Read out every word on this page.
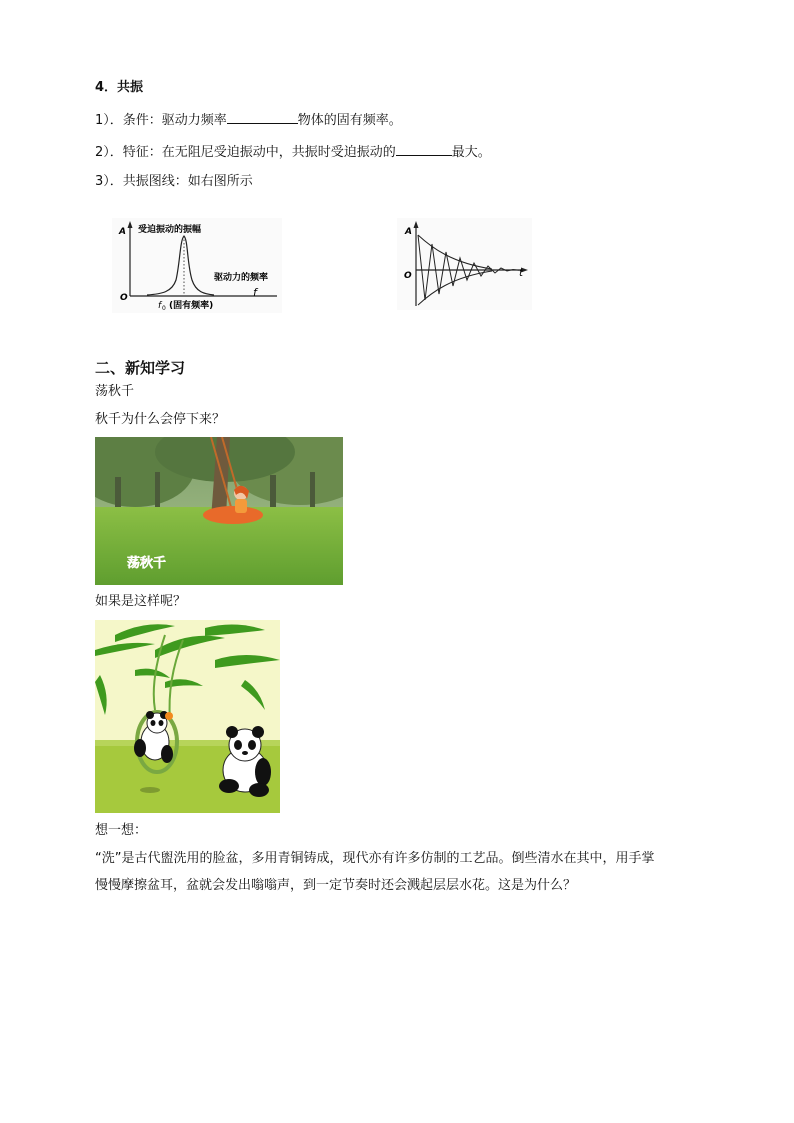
4．共振
1）．条件：驱动力频率	物体的固有频率。
2）．特征：在无阻尼受迫振动中，共振时受迫振动的	最大。
3）．共振图线：如右图所示
A 受迫振动的振幅
驱动力的频率
O	f
f 0 (固有频率)
A
O	t
二、新知学习
荡秋千
秋千为什么会停下来？
荡秋千
如果是这样呢？
想一想：
“洗”是古代盥洗用的脸盆，多用青铜铸成，现代亦有许多仿制的工艺品。倒些清水在其中，用手掌
慢慢摩擦盆耳，盆就会发出嗡嗡声，到一定节奏时还会溅起层层水花。这是为什么？
